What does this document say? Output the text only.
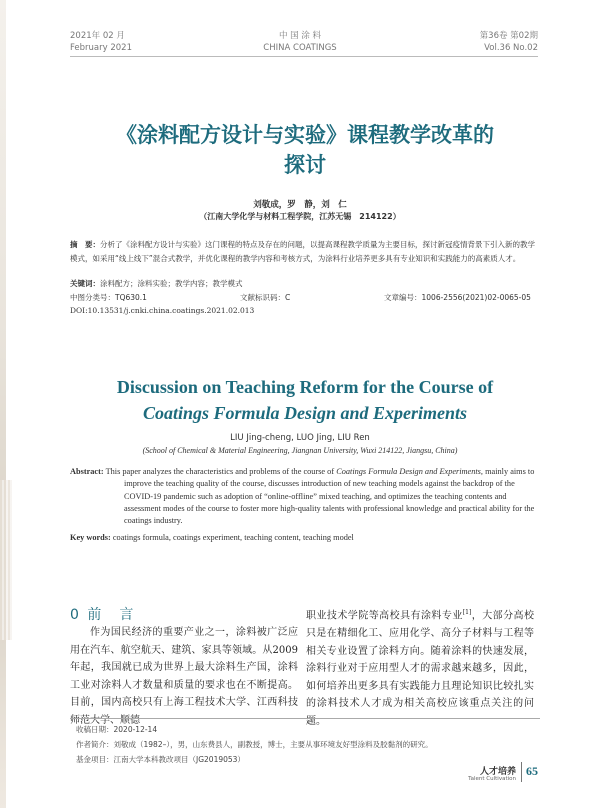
2021年 02 月
February 2021
中 国 涂 料
CHINA COATINGS
第36卷 第02期
Vol.36 No.02
《涂料配方设计与实验》课程教学改革的
探讨
刘敬成，罗　静，刘　仁
（江南大学化学与材料工程学院，江苏无锡　214122）
摘　要：分析了《涂料配方设计与实验》这门课程的特点及存在的问题，以提高课程教学质量为主要目标，探讨新冠疫情背景下引入新的教学模式，如采用“线上线下”混合式教学，并优化课程的教学内容和考核方式，为涂料行业培养更多具有专业知识和实践能力的高素质人才。
关键词：涂料配方；涂料实验；教学内容；教学模式
中图分类号：TQ630.1	文献标识码：C	文章编号：1006-2556(2021)02-0065-05
DOI:10.13531/j.cnki.china.coatings.2021.02.013
Discussion on Teaching Reform for the Course of
Coatings Formula Design and Experiments
LIU Jing-cheng, LUO Jing, LIU Ren
(School of Chemical & Material Engineering, Jiangnan University, Wuxi 214122, Jiangsu, China)
Abstract: This paper analyzes the characteristics and problems of the course of Coatings Formula Design and Experiments, mainly aims to improve the teaching quality of the course, discusses introduction of new teaching models against the backdrop of the COVID-19 pandemic such as adoption of “online-offline” mixed teaching, and optimizes the teaching contents and assessment modes of the course to foster more high-quality talents with professional knowledge and practical ability for the coatings industry.
Key words: coatings formula, coatings experiment, teaching content, teaching model
0 前　言
作为国民经济的重要产业之一，涂料被广泛应用在汽车、航空航天、建筑、家具等领域。从2009年起，我国就已成为世界上最大涂料生产国，涂料工业对涂料人才数量和质量的要求也在不断提高。目前，国内高校只有上海工程技术大学、江西科技师范大学、顺德
职业技术学院等高校具有涂料专业[1]，大部分高校只是在精细化工、应用化学、高分子材料与工程等相关专业设置了涂料方向。随着涂料的快速发展，涂料行业对于应用型人才的需求越来越多，因此，如何培养出更多具有实践能力且理论知识比较扎实的涂料技术人才成为相关高校应该重点关注的问题。
收稿日期：2020-12-14
作者简介：刘敬成（1982–），男，山东费县人，副教授，博士，主要从事环境友好型涂料及胶黏剂的研究。
基金项目：江南大学本科教改项目（JG2019053）
人才培养
Talent Cultivation
65
